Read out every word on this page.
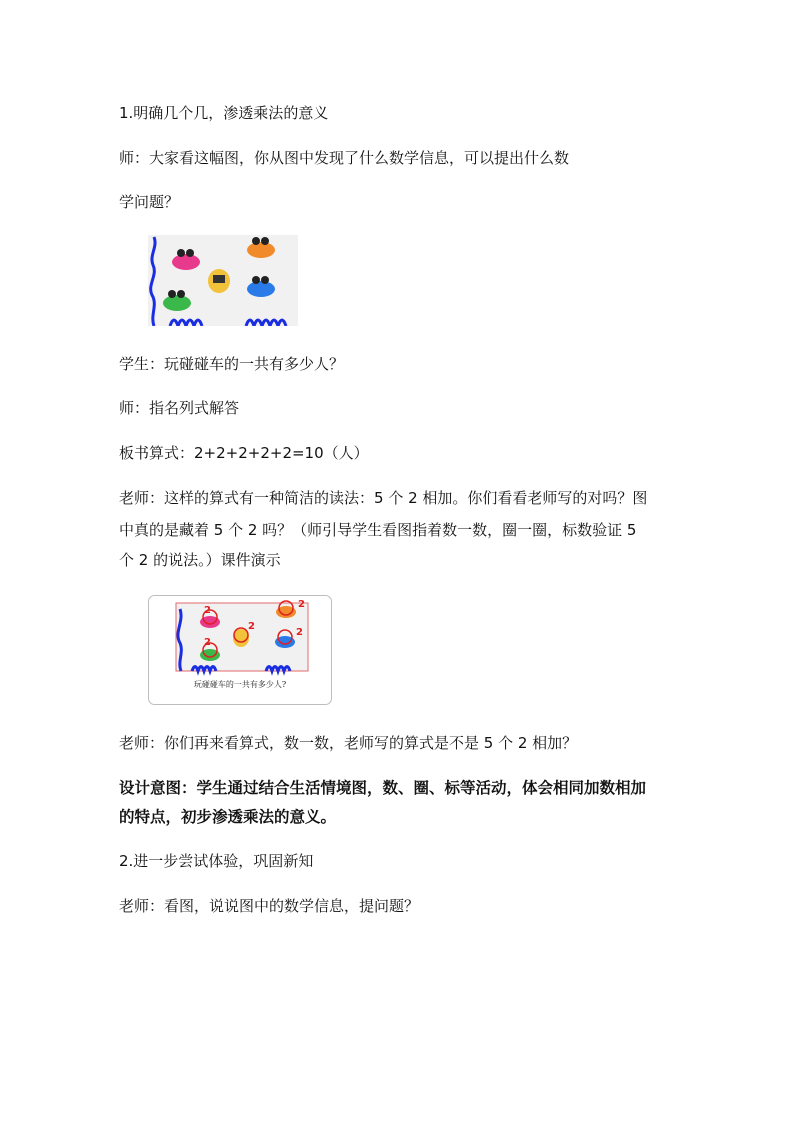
1.明确几个几，渗透乘法的意义
师：大家看这幅图，你从图中发现了什么数学信息，可以提出什么数
学问题？
学生：玩碰碰车的一共有多少人？
师：指名列式解答
板书算式：2+2+2+2+2=10（人）
老师：这样的算式有一种简洁的读法：5 个 2 相加。你们看看老师写的对吗？图
中真的是藏着 5 个 2 吗？（师引导学生看图指着数一数，圈一圈，标数验证 5
个 2 的说法。）课件演示
2
2
2
2
2
玩碰碰车的一共有多少人?
老师：你们再来看算式，数一数，老师写的算式是不是 5 个 2 相加？
设计意图：学生通过结合生活情境图，数、圈、标等活动，体会相同加数相加
的特点，初步渗透乘法的意义。
2.进一步尝试体验，巩固新知
老师：看图，说说图中的数学信息，提问题？
